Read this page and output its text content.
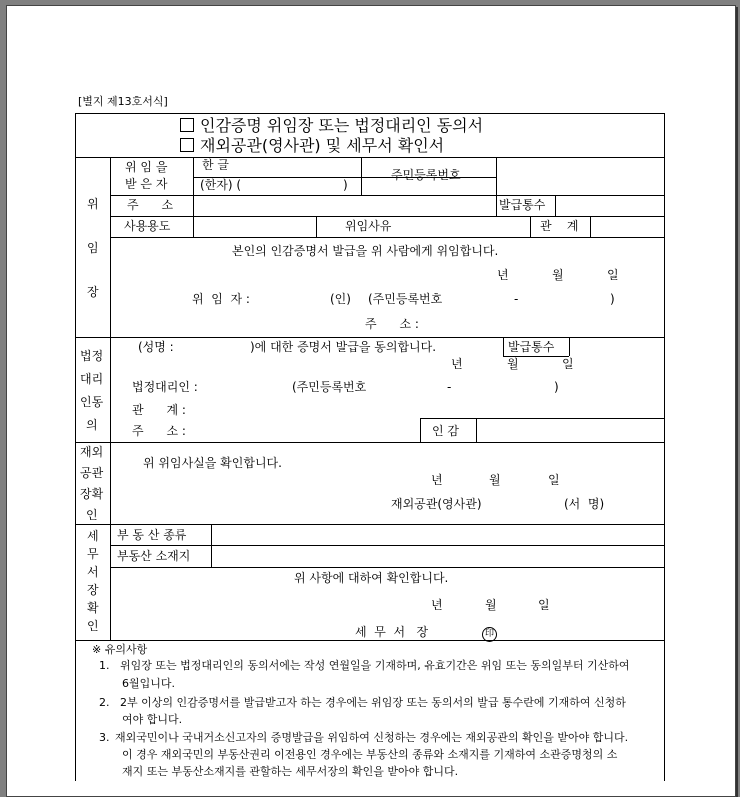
[별지 제13호서식]
인감증명 위임장 또는 법정대리인 동의서
재외공관(영사관) 및 세무서 확인서
위
임
장
위 임 을
받 은 자
한 글
(한자) (	)
주민등록번호
주      소	발급통수
사용용도	위임사유	관    계
본인의 인감증명서 발급을 위 사람에게 위임합니다.
년	월	일
위  임  자 :	(인) (주민등록번호	-	)
주      소 :
법정
대리
인동
의
(성명 :	)에 대한 증명서 발급을 동의합니다.	발급통수
년	월	일
법정대리인 :	(주민등록번호	-	)
관      계 :
주      소 :	인 감
재외
공관
장확
인
위 위임사실을 확인합니다.
년	월	일
재외공관(영사관)	(서  명)
세
무
서
장
확
인
부 동 산 종류
부동산 소재지
위 사항에 대하여 확인합니다.
년	월	일
세  무  서   장	印
※ 유의사항
1. 위임장 또는 법정대리인의 동의서에는 작성 연월일을 기재하며, 유효기간은 위임 또는 동의일부터 기산하여
6월입니다.
2. 2부 이상의 인감증명서를 발급받고자 하는 경우에는 위임장 또는 동의서의 발급 통수란에 기재하여 신청하
여야 합니다.
3. 재외국민이나 국내거소신고자의 증명발급을 위임하여 신청하는 경우에는 재외공관의 확인을 받아야 합니다.
이 경우 재외국민의 부동산권리 이전용인 경우에는 부동산의 종류와 소재지를 기재하여 소관증명청의 소
재지 또는 부동산소재지를 관할하는 세무서장의 확인을 받아야 합니다.
